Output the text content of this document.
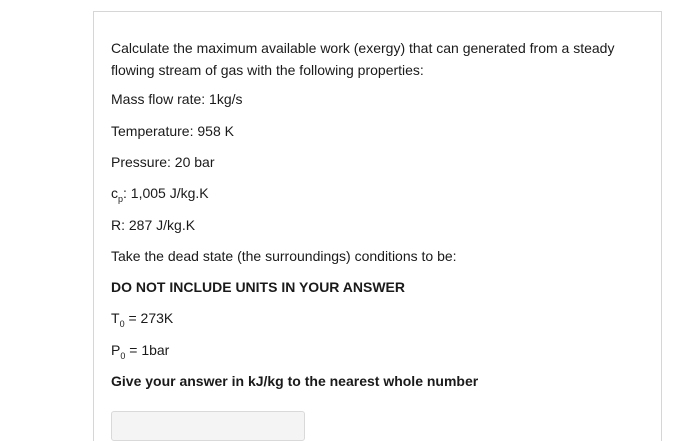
Calculate the maximum available work (exergy) that can generated from a steady flowing stream of gas with the following properties:

Mass flow rate: 1kg/s
Temperature: 958 K
Pressure: 20 bar
$c_p$: 1,005 J/kg.K
R: 287 J/kg.K
Take the dead state (the surroundings) conditions to be:
DO NOT INCLUDE UNITS IN YOUR ANSWER
$T_0 = 273K$
$P_0 = 1bar$
Give your answer in kJ/kg to the nearest whole number
